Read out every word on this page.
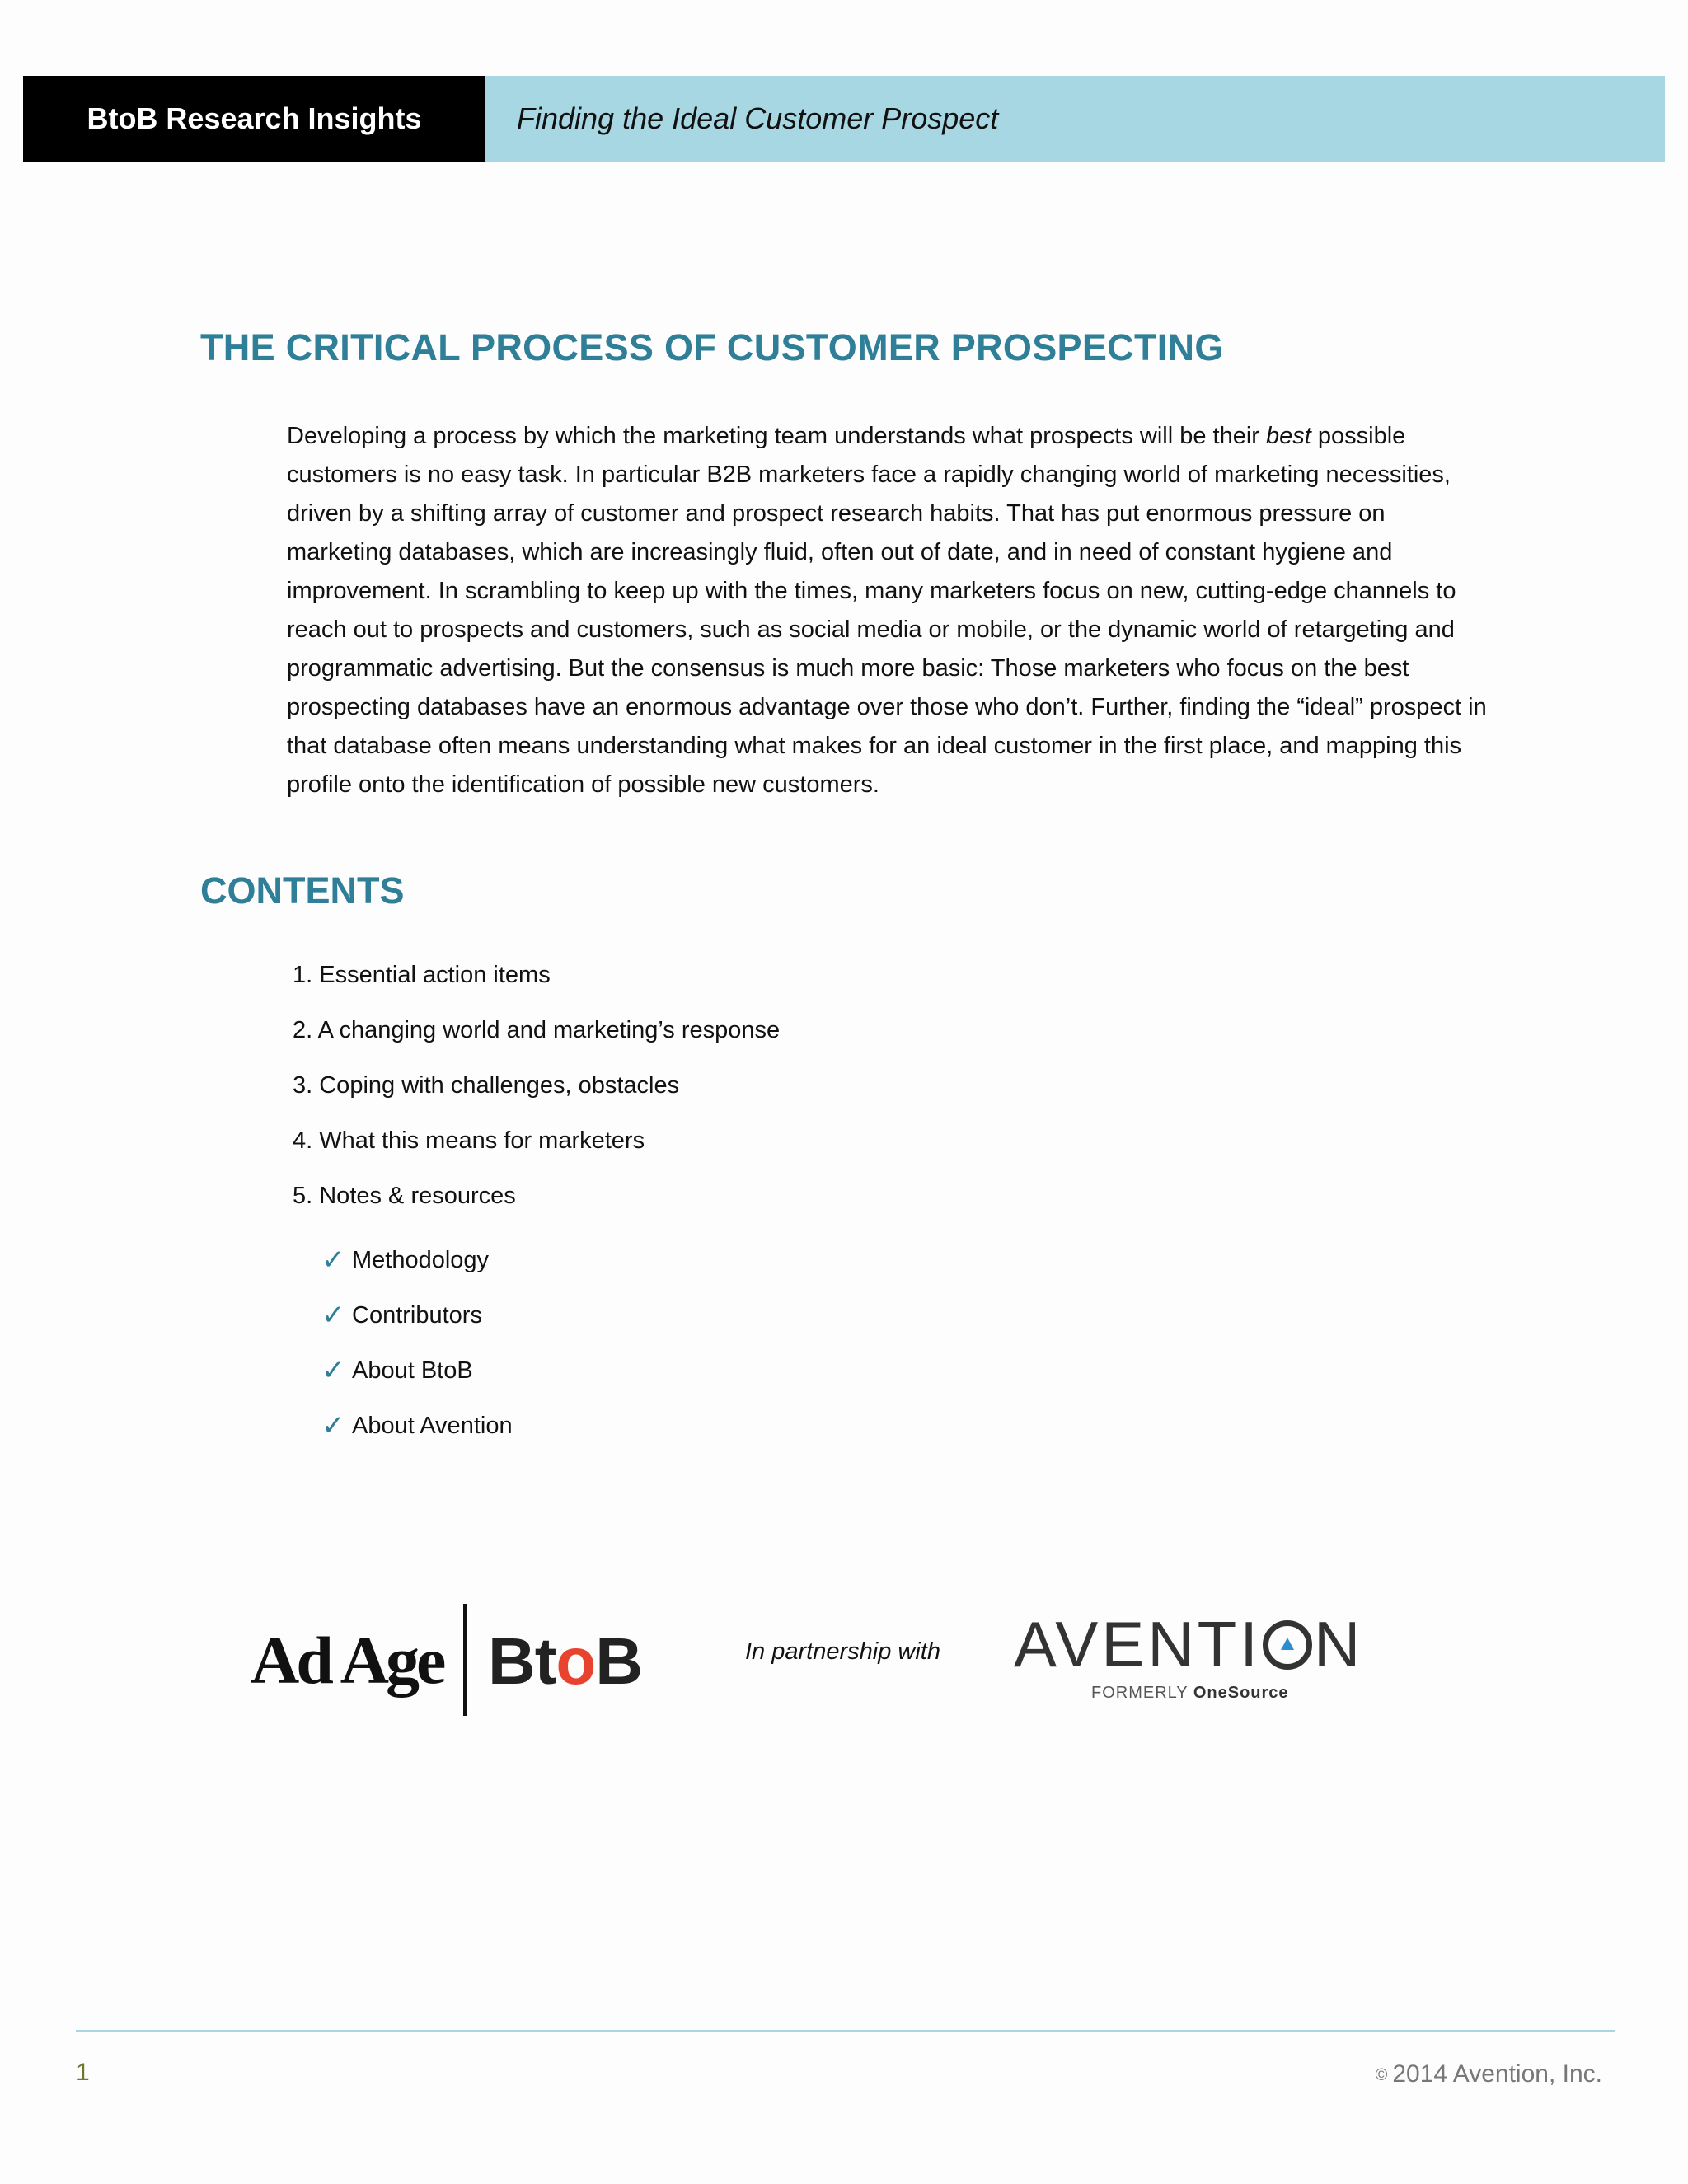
BtoB Research Insights	Finding the Ideal Customer Prospect
THE CRITICAL PROCESS OF CUSTOMER PROSPECTING

Developing a process by which the marketing team understands what prospects will be their best possible customers is no easy task. In particular B2B marketers face a rapidly changing world of marketing necessities, driven by a shifting array of customer and prospect research habits. That has put enormous pressure on marketing databases, which are increasingly fluid, often out of date, and in need of constant hygiene and improvement. In scrambling to keep up with the times, many marketers focus on new, cutting-edge channels to reach out to prospects and customers, such as social media or mobile, or the dynamic world of retargeting and programmatic advertising. But the consensus is much more basic: Those marketers who focus on the best prospecting databases have an enormous advantage over those who don’t. Further, finding the “ideal” prospect in that database often means understanding what makes for an ideal customer in the first place, and mapping this profile onto the identification of possible new customers.

CONTENTS
1. Essential action items
2. A changing world and marketing’s response
3. Coping with challenges, obstacles
4. What this means for marketers
5. Notes & resources
✓ Methodology
✓ Contributors
✓ About BtoB
✓ About Avention
Ad Age BtoB	In partnership with AVENTI N
FORMERLY OneSource
1	© 2014 Avention, Inc.
